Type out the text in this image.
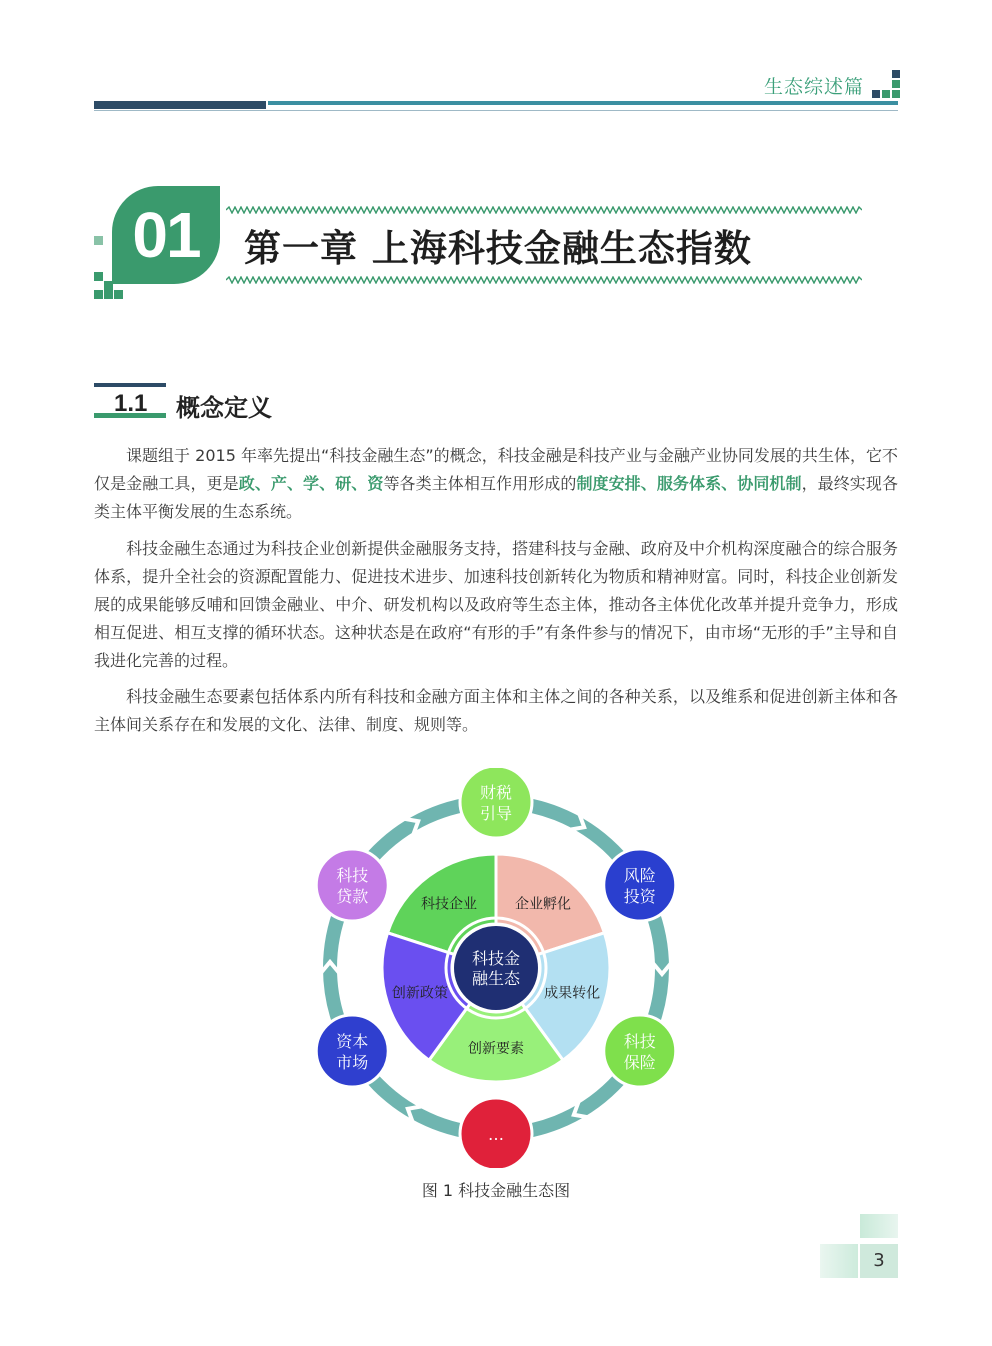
生态综述篇
01	第一章 上海科技金融生态指数
1.1 概念定义

课题组于 2015 年率先提出“科技金融生态”的概念，科技金融是科技产业与金融产业协同发展的共生体，它不仅是金融工具，更是政、产、学、研、资等各类主体相互作用形成的制度安排、服务体系、协同机制，最终实现各类主体平衡发展的生态系统。

科技金融生态通过为科技企业创新提供金融服务支持，搭建科技与金融、政府及中介机构深度融合的综合服务体系，提升全社会的资源配置能力、促进技术进步、加速科技创新转化为物质和精神财富。同时，科技企业创新发展的成果能够反哺和回馈金融业、中介、研发机构以及政府等生态主体，推动各主体优化改革并提升竞争力，形成相互促进、相互支撑的循环状态。这种状态是在政府“有形的手”有条件参与的情况下，由市场“无形的手”主导和自我进化完善的过程。

科技金融生态要素包括体系内所有科技和金融方面主体和主体之间的各种关系，以及维系和促进创新主体和各主体间关系存在和发展的文化、法律、制度、规则等。

科技企业	企业孵化
成果转化
创新要素
创新政策
科技金
融生态
财税
引导
风险
投资
科技
保险
…
资本
市场
科技
贷款
图 1 科技金融生态图
3
